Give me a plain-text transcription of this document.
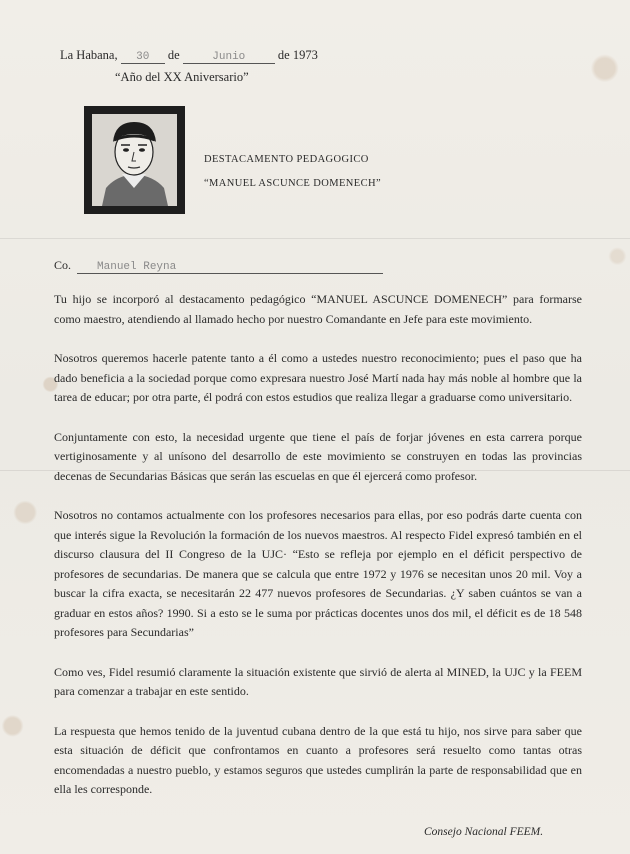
La Habana, 30 de	Junio	de 1973
“Año del XX Aniversario”
DESTACAMENTO PEDAGOGICO
“MANUEL ASCUNCE DOMENECH”
Co. Manuel Reyna

Tu hijo se incorporó al destacamento pedagógico “MANUEL ASCUNCE DOMENECH” para formarse como maestro, atendiendo al llamado hecho por nuestro Comandante en Jefe para este movimiento.

Nosotros queremos hacerle patente tanto a él como a ustedes nuestro reconocimiento; pues el paso que ha dado beneficia a la sociedad porque como expresara nuestro José Martí nada hay más noble al hombre que la tarea de educar; por otra parte, él podrá con estos estudios que realiza llegar a graduarse como universitario.

Conjuntamente con esto, la necesidad urgente que tiene el país de forjar jóvenes en esta carrera porque vertiginosamente y al unísono del desarrollo de este movimiento se construyen en todas las provincias decenas de Secundarias Básicas que serán las escuelas en que él ejercerá como profesor.

Nosotros no contamos actualmente con los profesores necesarios para ellas, por eso podrás darte cuenta con que interés sigue la Revolución la formación de los nuevos maestros. Al respecto Fidel expresó también en el discurso clausura del II Congreso de la UJC· “Esto se refleja por ejemplo en el déficit perspectivo de profesores de secundarias. De manera que se calcula que entre 1972 y 1976 se necesitan unos 20 mil. Voy a buscar la cifra exacta, se necesitarán 22 477 nuevos profesores de Secundarias. ¿Y saben cuántos se van a graduar en estos años? 1990. Si a esto se le suma por prácticas docentes unos dos mil, el déficit es de 18 548 profesores para Secundarias”

Como ves, Fidel resumió claramente la situación existente que sirvió de alerta al MINED, la UJC y la FEEM para comenzar a trabajar en este sentido.

La respuesta que hemos tenido de la juventud cubana dentro de la que está tu hijo, nos sirve para saber que esta situación de déficit que confrontamos en cuanto a profesores será resuelto como tantas otras encomendadas a nuestro pueblo, y estamos seguros que ustedes cumplirán la parte de responsabilidad que en ella les corresponde.

Consejo Nacional FEEM.
